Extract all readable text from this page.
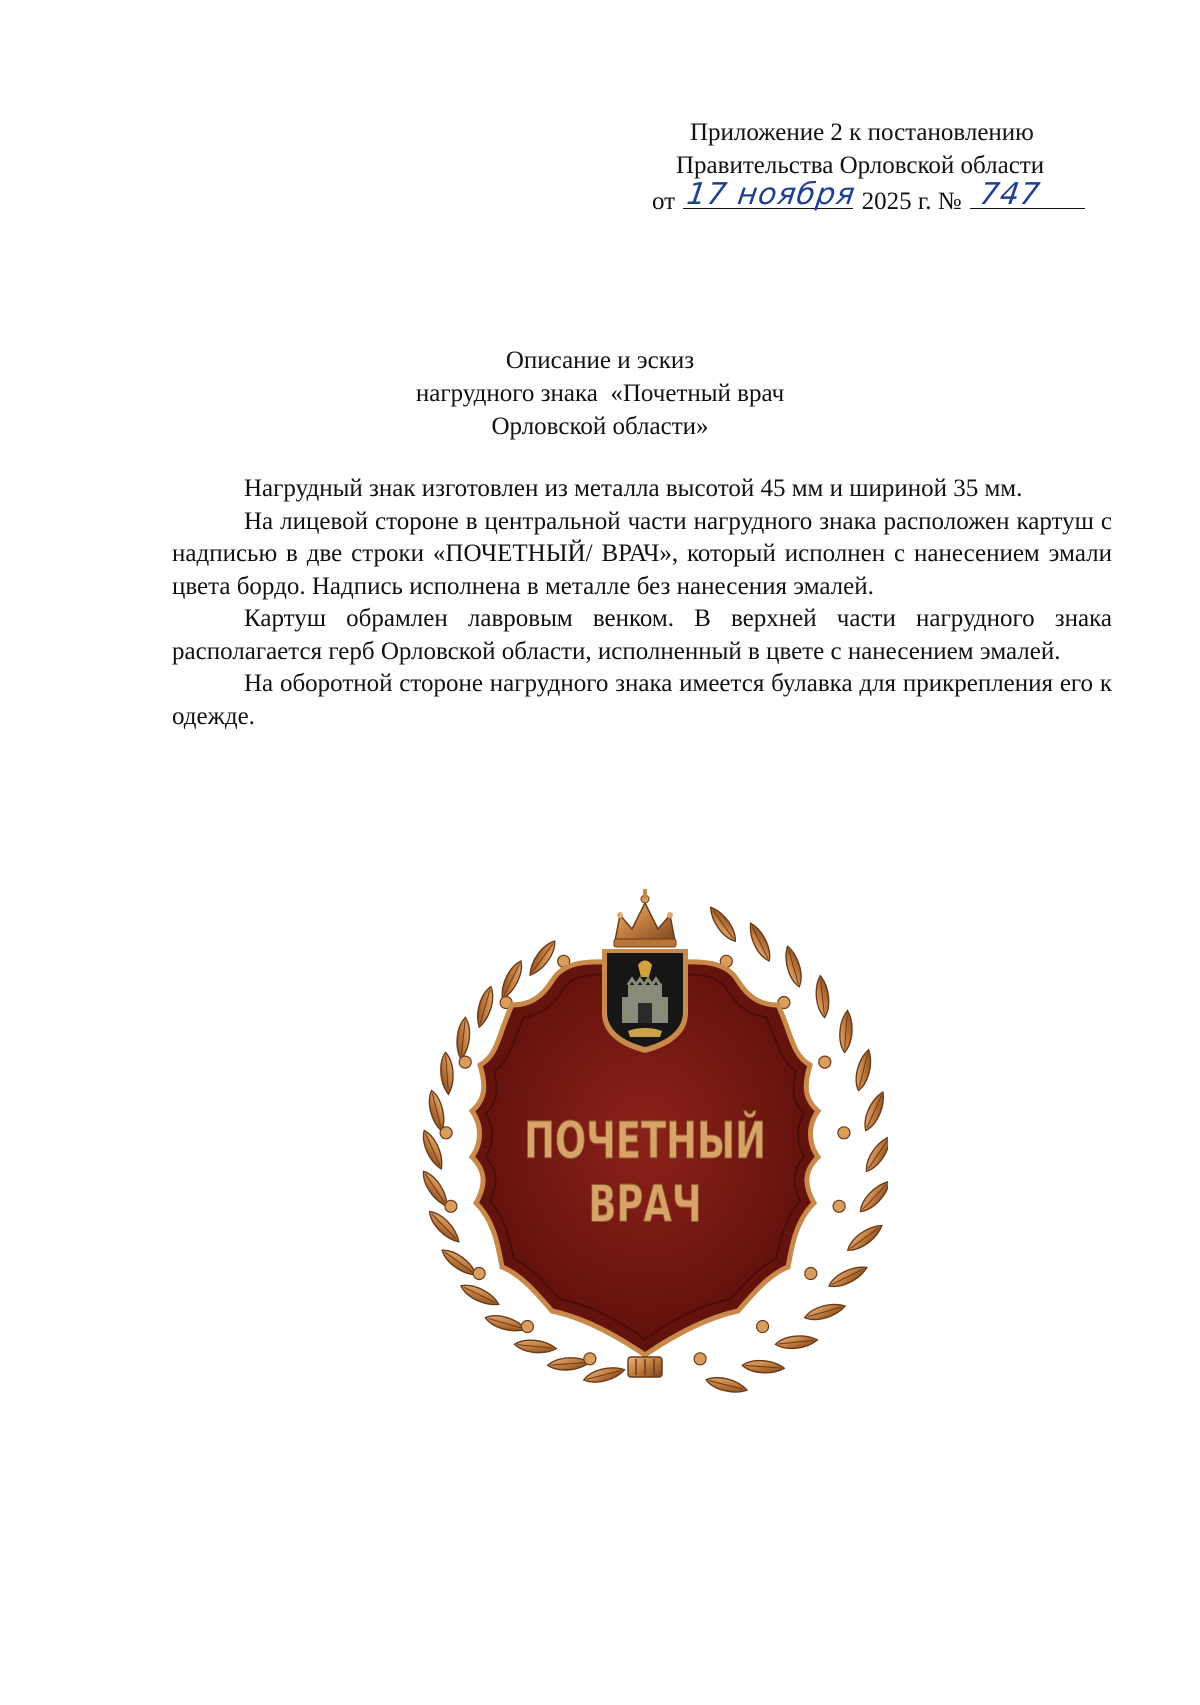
Приложение 2 к постановлению
Правительства Орловской области
от 17 ноября 2025 г. № 747
Описание и эскиз
нагрудного знака  «Почетный врач
Орловской области»

Нагрудный знак изготовлен из металла высотой 45 мм и шириной 35 мм.

На лицевой стороне в центральной части нагрудного знака расположен картуш с надписью в две строки «ПОЧЕТНЫЙ/ ВРАЧ», который исполнен с нанесением эмали цвета бордо. Надпись исполнена в металле без нанесения эмалей.

Картуш обрамлен лавровым венком. В верхней части нагрудного знака располагается герб Орловской области, исполненный в цвете с нанесением эмалей.

На оборотной стороне нагрудного знака имеется булавка для прикрепления его к одежде.

ПОЧЕТНЫЙ
ВРАЧ
